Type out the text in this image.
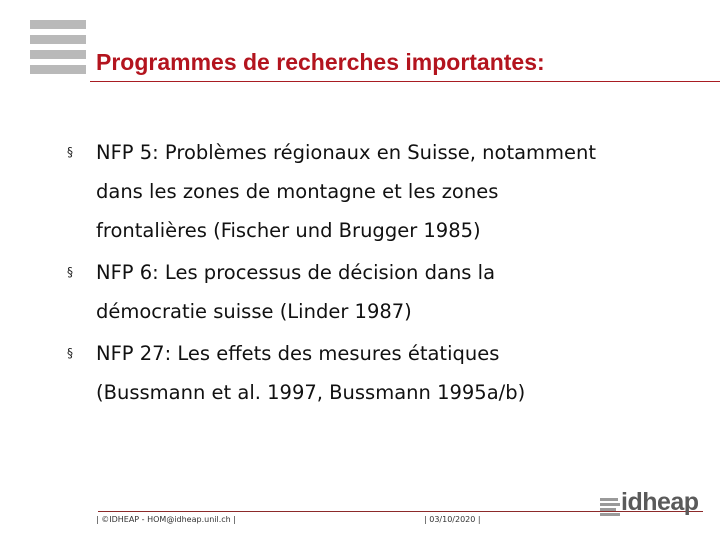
Programmes de recherches importantes:
§	NFP 5: Problèmes régionaux en Suisse, notamment
dans les zones de montagne et les zones
frontalières (Fischer und Brugger 1985)
§	NFP 6: Les processus de décision dans la
démocratie suisse (Linder 1987)
§	NFP 27: Les effets des mesures étatiques
(Bussmann et al. 1997, Bussmann 1995a/b)
| ©IDHEAP - HOM@idheap.unil.ch |	| 03/10/2020 |
idheap
